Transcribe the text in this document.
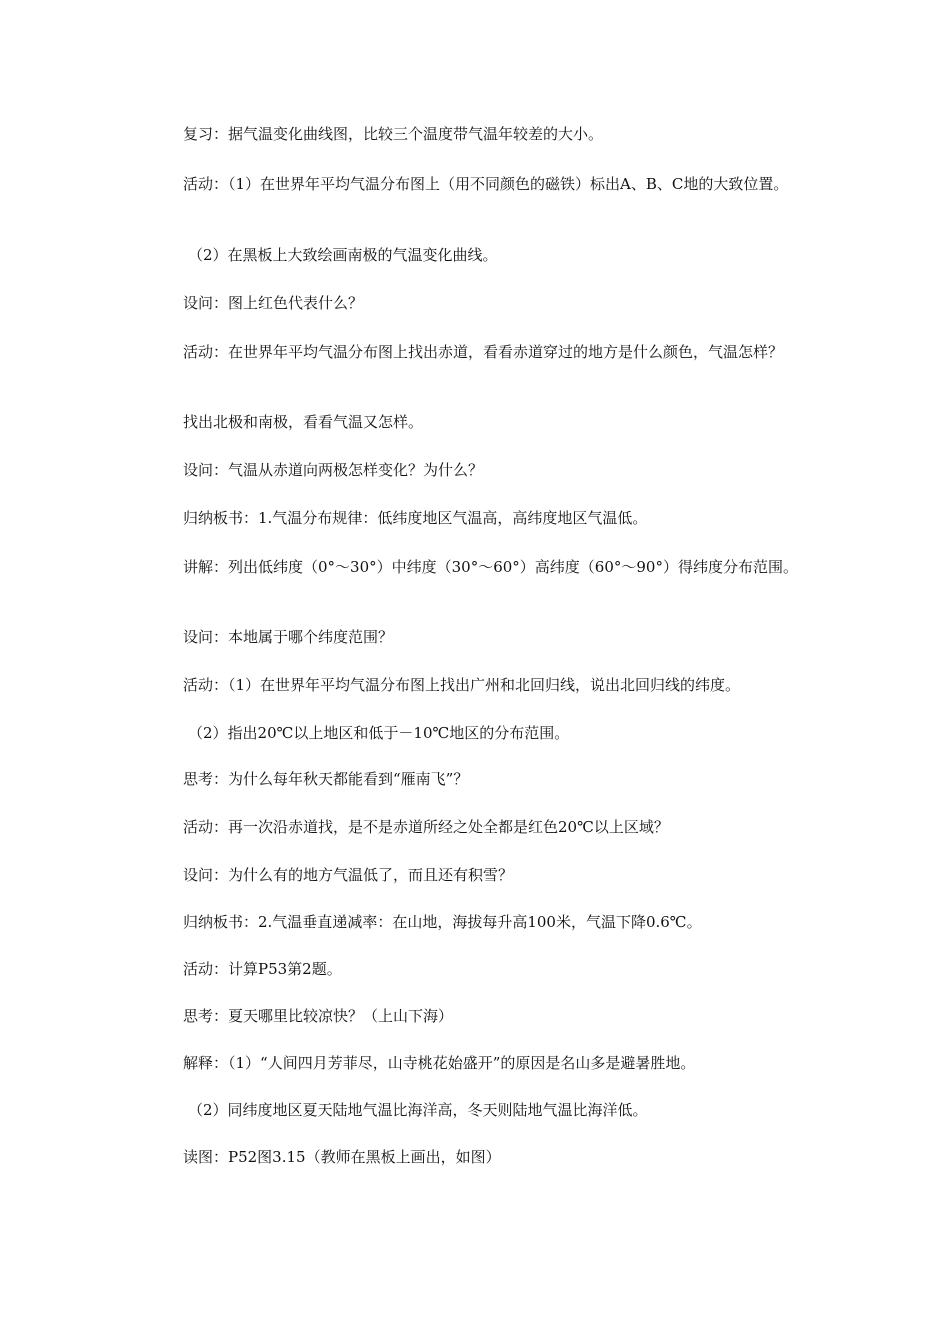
复习：据气温变化曲线图，比较三个温度带气温年较差的大小。
活动：（1）在世界年平均气温分布图上（用不同颜色的磁铁）标出A、B、C地的大致位置。
（2）在黑板上大致绘画南极的气温变化曲线。
设问：图上红色代表什么？
活动：在世界年平均气温分布图上找出赤道，看看赤道穿过的地方是什么颜色，气温怎样？
找出北极和南极，看看气温又怎样。
设问：气温从赤道向两极怎样变化？为什么？
归纳板书：1.气温分布规律：低纬度地区气温高，高纬度地区气温低。
讲解：列出低纬度（0°～30°）中纬度（30°～60°）高纬度（60°～90°）得纬度分布范围。
设问：本地属于哪个纬度范围？
活动：（1）在世界年平均气温分布图上找出广州和北回归线，说出北回归线的纬度。
（2）指出20℃以上地区和低于－10℃地区的分布范围。
思考：为什么每年秋天都能看到“雁南飞”？
活动：再一次沿赤道找，是不是赤道所经之处全都是红色20℃以上区域？
设问：为什么有的地方气温低了，而且还有积雪？
归纳板书：2.气温垂直递减率：在山地，海拔每升高100米，气温下降0.6℃。
活动：计算P53第2题。
思考：夏天哪里比较凉快？（上山下海）
解释：（1）“人间四月芳菲尽，山寺桃花始盛开”的原因是名山多是避暑胜地。
（2）同纬度地区夏天陆地气温比海洋高，冬天则陆地气温比海洋低。
读图：P52图3.15（教师在黑板上画出，如图）
